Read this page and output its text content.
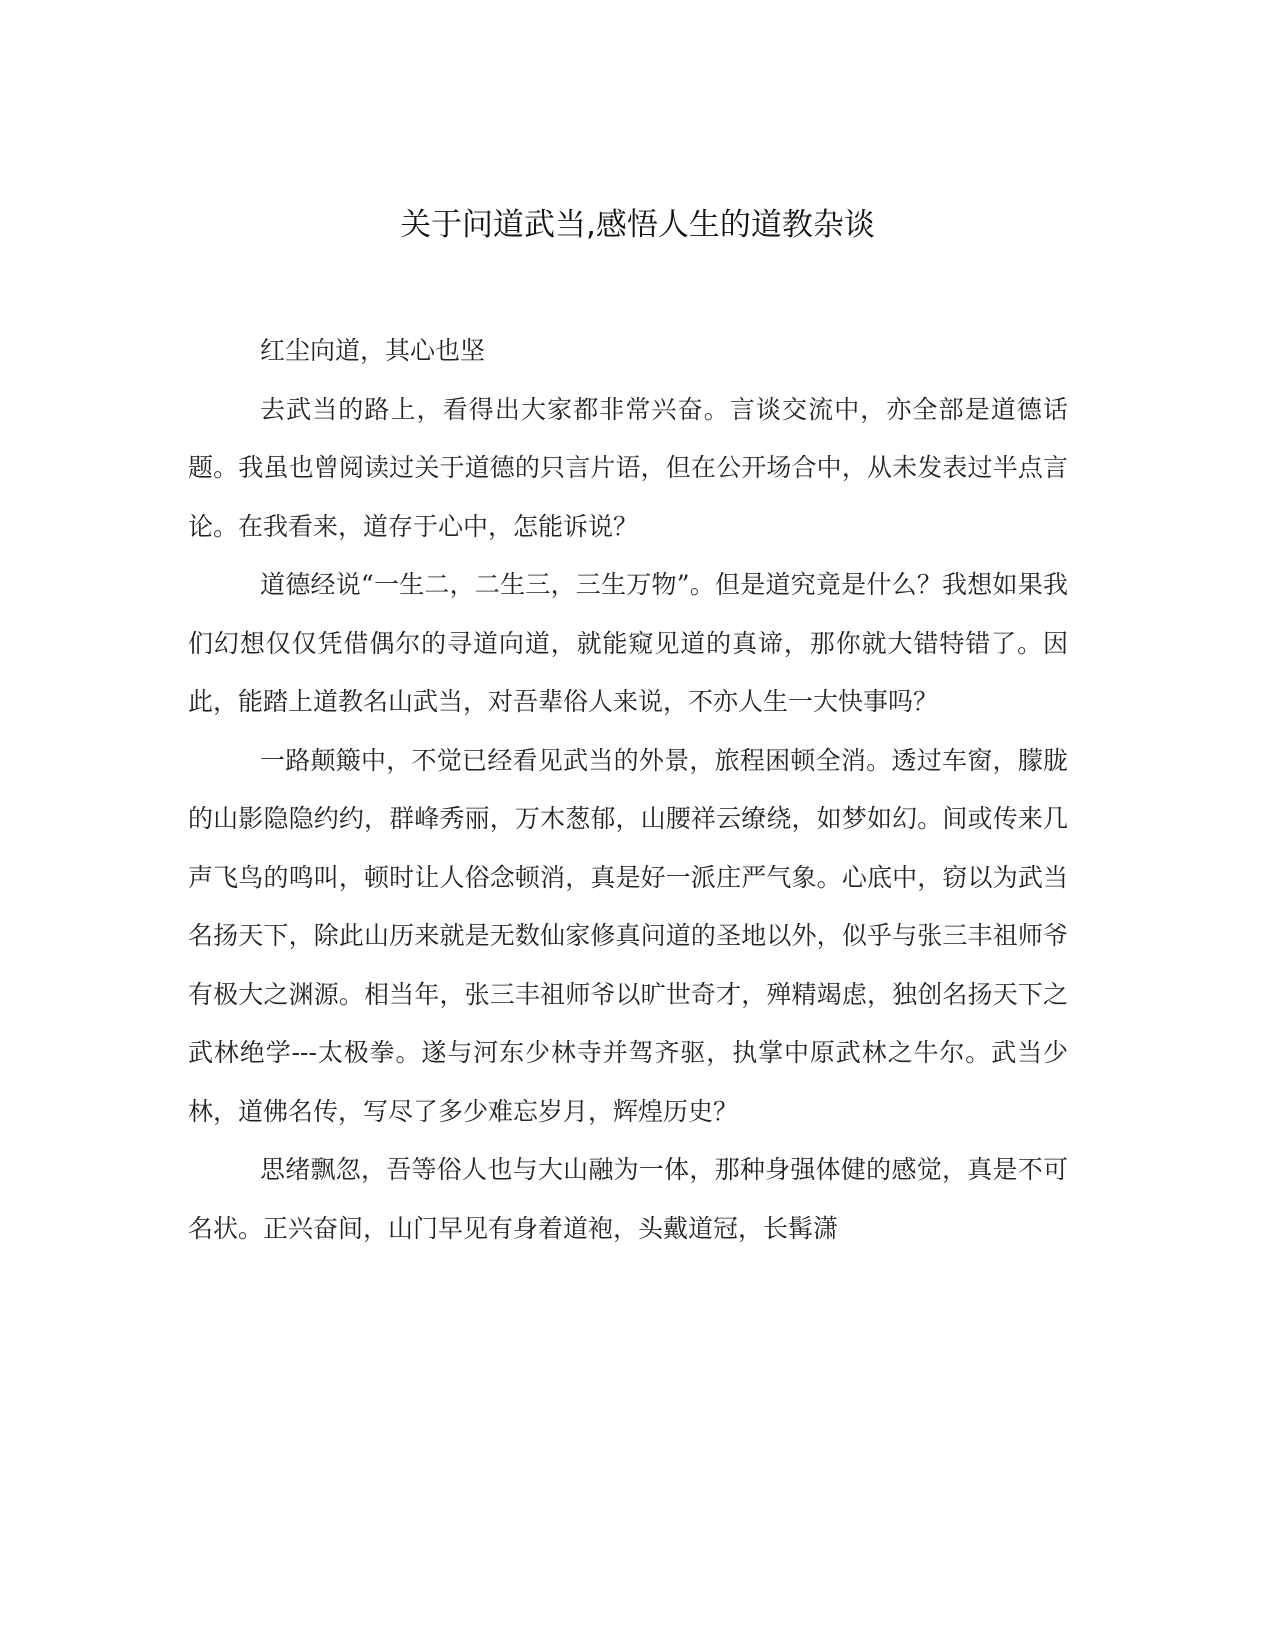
关于问道武当,感悟人生的道教杂谈

红尘向道，其心也坚

去武当的路上，看得出大家都非常兴奋。言谈交流中，亦全部是道德话题。我虽也曾阅读过关于道德的只言片语，但在公开场合中，从未发表过半点言论。在我看来，道存于心中，怎能诉说？

道德经说“一生二，二生三，三生万物”。但是道究竟是什么？我想如果我们幻想仅仅凭借偶尔的寻道向道，就能窥见道的真谛，那你就大错特错了。因此，能踏上道教名山武当，对吾辈俗人来说，不亦人生一大快事吗？

一路颠簸中，不觉已经看见武当的外景，旅程困顿全消。透过车窗，朦胧的山影隐隐约约，群峰秀丽，万木葱郁，山腰祥云缭绕，如梦如幻。间或传来几声飞鸟的鸣叫，顿时让人俗念顿消，真是好一派庄严气象。心底中，窃以为武当名扬天下，除此山历来就是无数仙家修真问道的圣地以外，似乎与张三丰祖师爷有极大之渊源。相当年，张三丰祖师爷以旷世奇才，殚精竭虑，独创名扬天下之武林绝学---太极拳。遂与河东少林寺并驾齐驱，执掌中原武林之牛尔。武当少林，道佛名传，写尽了多少难忘岁月，辉煌历史？

思绪飘忽，吾等俗人也与大山融为一体，那种身强体健的感觉，真是不可名状。正兴奋间，山门早见有身着道袍，头戴道冠，长髯潇
